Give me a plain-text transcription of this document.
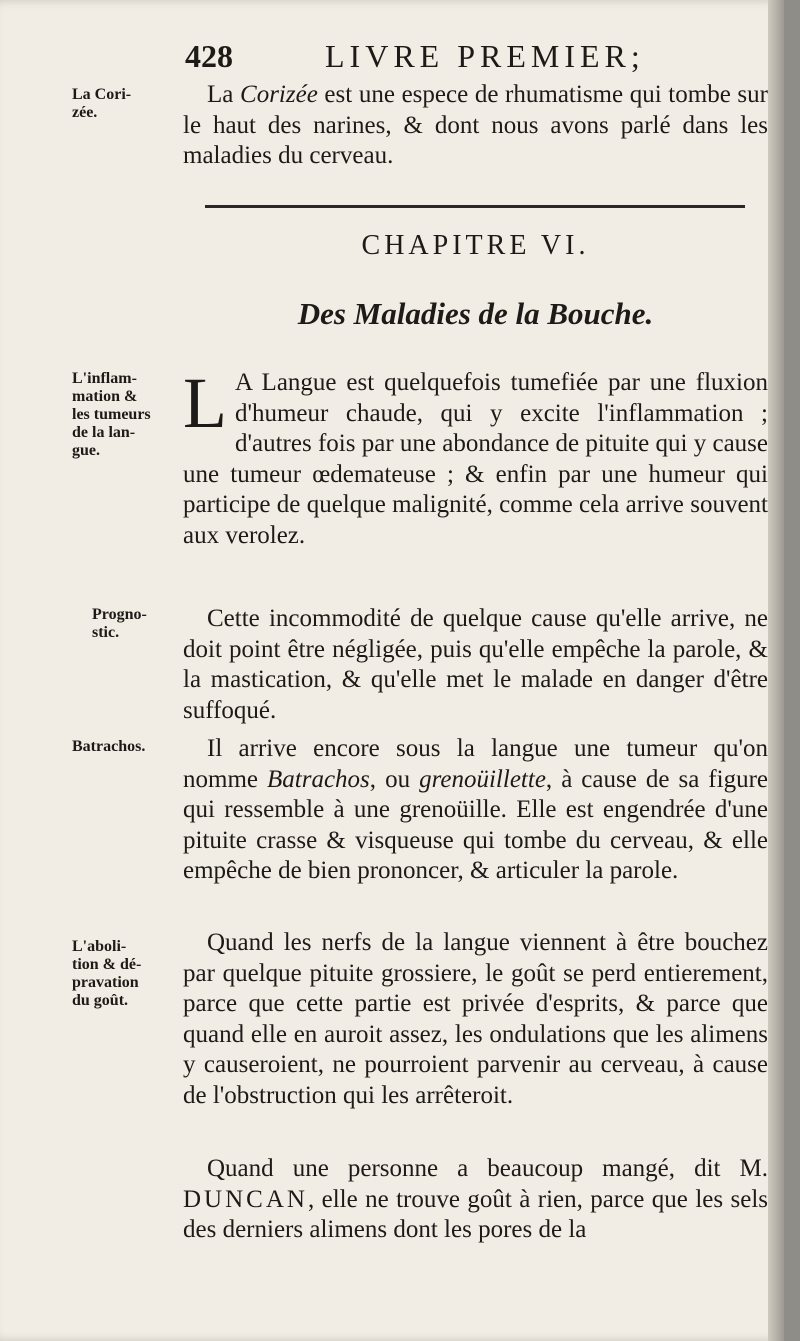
428	LIVRE PREMIER;
La Cori-
zée.
L'inflam-
mation &
les tumeurs
de la lan-
gue.
Progno-
stic.
Batrachos.
L'aboli-
tion & dé-
pravation
du goût.
La Corizée est une espece de rhumatisme qui tombe sur le haut des narines, & dont nous avons parlé dans les maladies du cerveau.
CHAPITRE VI.
Des Maladies de la Bouche.
L A Langue est quelquefois tumefiée par une fluxion d'humeur chaude, qui y excite l'inflammation ; d'autres fois par une abondance de pituite qui y cause une tumeur œdemateuse ; & enfin par une humeur qui participe de quelque malignité, comme cela arrive souvent aux verolez.
Cette incommodité de quelque cause qu'elle arrive, ne doit point être négligée, puis qu'elle empêche la parole, & la mastication, & qu'elle met le malade en danger d'être suffoqué.
Il arrive encore sous la langue une tumeur qu'on nomme Batrachos, ou grenoüillette, à cause de sa figure qui ressemble à une grenoüille. Elle est engendrée d'une pituite crasse & visqueuse qui tombe du cerveau, & elle empêche de bien prononcer, & articuler la parole.
Quand les nerfs de la langue viennent à être bouchez par quelque pituite grossiere, le goût se perd entierement, parce que cette partie est privée d'esprits, & parce que quand elle en auroit assez, les ondulations que les alimens y causeroient, ne pourroient parvenir au cerveau, à cause de l'obstruction qui les arrêteroit.
Quand une personne a beaucoup mangé, dit M. DUNCAN, elle ne trouve goût à rien, parce que les sels des derniers alimens dont les pores de la
